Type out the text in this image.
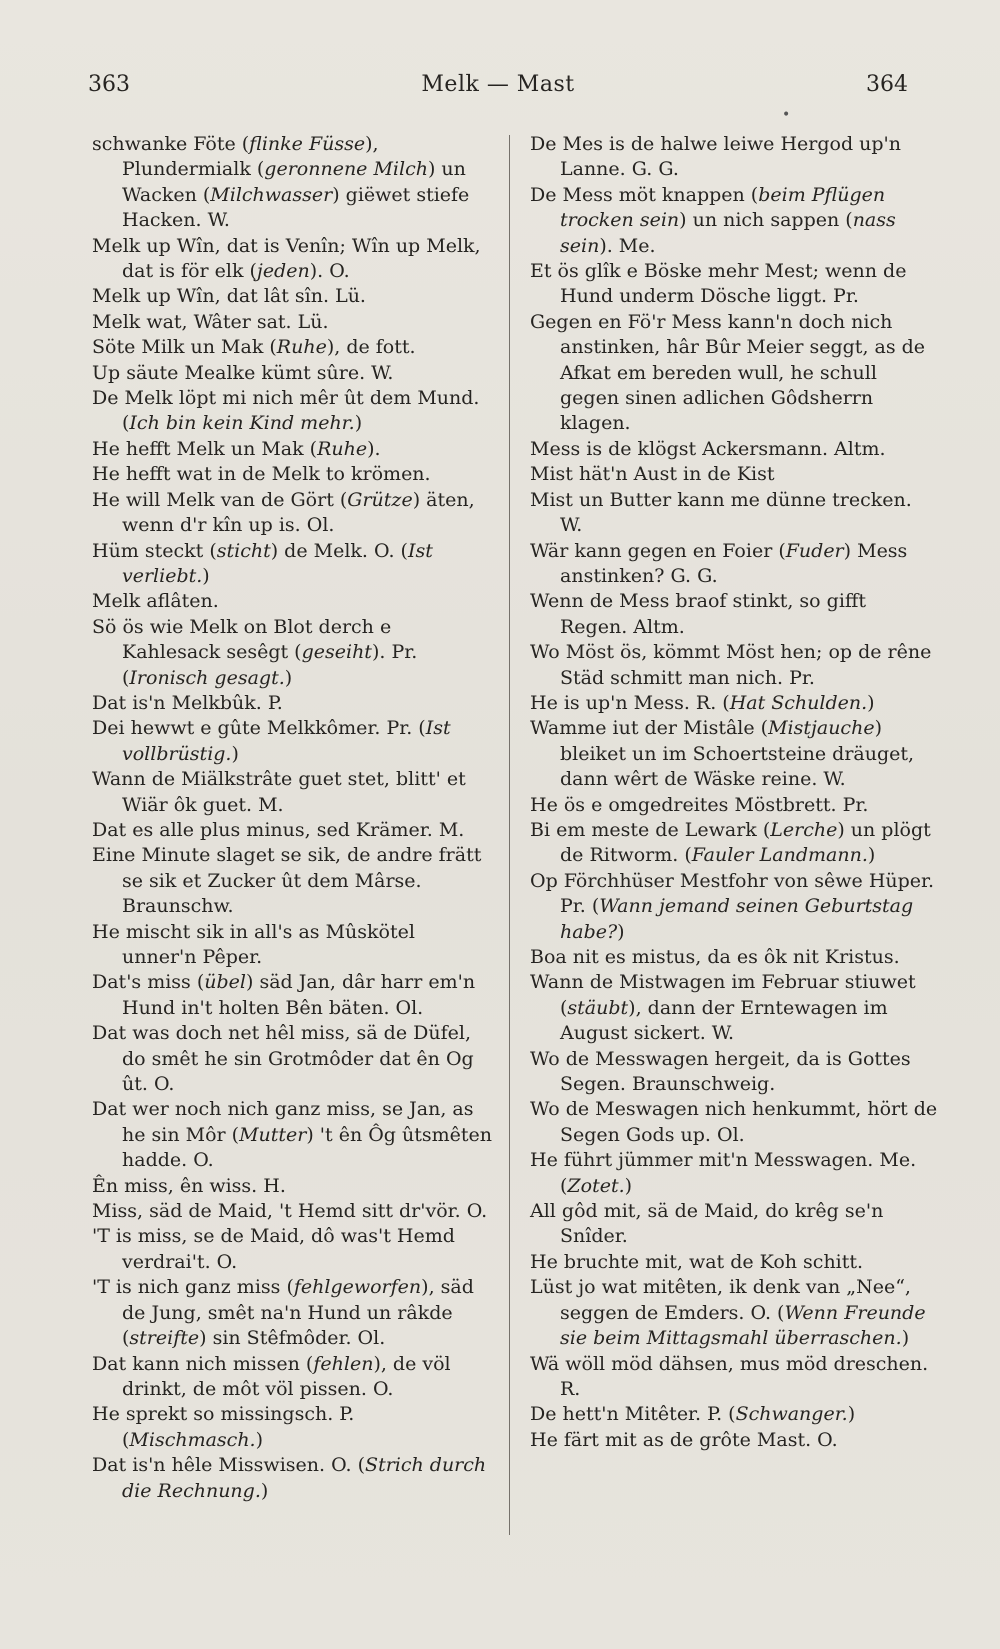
363	Melk — Mast	364
•

schwanke Föte (flinke Füsse), Plundermialk (geronnene Milch) un Wacken (Milchwasser) giëwet stiefe Hacken. W.

Melk up Wîn, dat is Venîn; Wîn up Melk, dat is för elk (jeden). O.

Melk up Wîn, dat lât sîn. Lü.

Melk wat, Wâter sat. Lü.

Söte Milk un Mak (Ruhe), de fott.

Up säute Mealke kümt sûre. W.

De Melk löpt mi nich mêr ût dem Mund. (Ich bin kein Kind mehr.)

He hefft Melk un Mak (Ruhe).

He hefft wat in de Melk to krömen.

He will Melk van de Gört (Grütze) äten, wenn d'r kîn up is. Ol.

Hüm steckt (sticht) de Melk. O. (Ist verliebt.)

Melk aflâten.

Sö ös wie Melk on Blot derch e Kahlesack sesêgt (geseiht). Pr. (Ironisch gesagt.)

Dat is'n Melkbûk. P.

Dei hewwt e gûte Melkkômer. Pr. (Ist vollbrüstig.)

Wann de Miälkstrâte guet stet, blitt' et Wiär ôk guet. M.

Dat es alle plus minus, sed Krämer. M.

Eine Minute slaget se sik, de andre frätt se sik et Zucker ût dem Mârse. Braunschw.

He mischt sik in all's as Mûskötel unner'n Pêper.

Dat's miss (übel) säd Jan, dâr harr em'n Hund in't holten Bên bäten. Ol.

Dat was doch net hêl miss, sä de Düfel, do smêt he sin Grotmôder dat ên Og ût. O.

Dat wer noch nich ganz miss, se Jan, as he sin Môr (Mutter) 't ên Ôg ûtsmêten hadde. O.

Ên miss, ên wiss. H.

Miss, säd de Maid, 't Hemd sitt dr'vör. O.

'T is miss, se de Maid, dô was't Hemd verdrai't. O.

'T is nich ganz miss (fehlgeworfen), säd de Jung, smêt na'n Hund un râkde (streifte) sin Stêfmôder. Ol.

Dat kann nich missen (fehlen), de völ drinkt, de môt völ pissen. O.

He sprekt so missingsch. P. (Mischmasch.)

Dat is'n hêle Misswisen. O. (Strich durch die Rechnung.)

De Mes is de halwe leiwe Hergod up'n Lanne. G. G.

De Mess möt knappen (beim Pflügen trocken sein) un nich sappen (nass sein). Me.

Et ös glîk e Böske mehr Mest; wenn de Hund underm Dösche liggt. Pr.

Gegen en Fö'r Mess kann'n doch nich anstinken, hâr Bûr Meier seggt, as de Afkat em bereden wull, he schull gegen sinen adlichen Gôdsherrn klagen.

Mess is de klögst Ackersmann. Altm.

Mist hät'n Aust in de Kist

Mist un Butter kann me dünne trecken. W.

Wär kann gegen en Foier (Fuder) Mess anstinken? G. G.

Wenn de Mess braof stinkt, so gifft Regen. Altm.

Wo Möst ös, kömmt Möst hen; op de rêne Städ schmitt man nich. Pr.

He is up'n Mess. R. (Hat Schulden.)

Wamme iut der Mistâle (Mistjauche) bleiket un im Schoertsteine dräuget, dann wêrt de Wäske reine. W.

He ös e omgedreites Möstbrett. Pr.

Bi em meste de Lewark (Lerche) un plögt de Ritworm. (Fauler Landmann.)

Op Förchhüser Mestfohr von sêwe Hüper. Pr. (Wann jemand seinen Geburtstag habe?)

Boa nit es mistus, da es ôk nit Kristus.

Wann de Mistwagen im Februar stiuwet (stäubt), dann der Erntewagen im August sickert. W.

Wo de Messwagen hergeit, da is Gottes Segen. Braunschweig.

Wo de Meswagen nich henkummt, hört de Segen Gods up. Ol.

He führt jümmer mit'n Messwagen. Me. (Zotet.)

All gôd mit, sä de Maid, do krêg se'n Snîder.

He bruchte mit, wat de Koh schitt.

Lüst jo wat mitêten, ik denk van „Nee“, seggen de Emders. O. (Wenn Freunde sie beim Mittagsmahl überraschen.)

Wä wöll möd dähsen, mus möd dreschen. R.

De hett'n Mitêter. P. (Schwanger.)

He färt mit as de grôte Mast. O.
